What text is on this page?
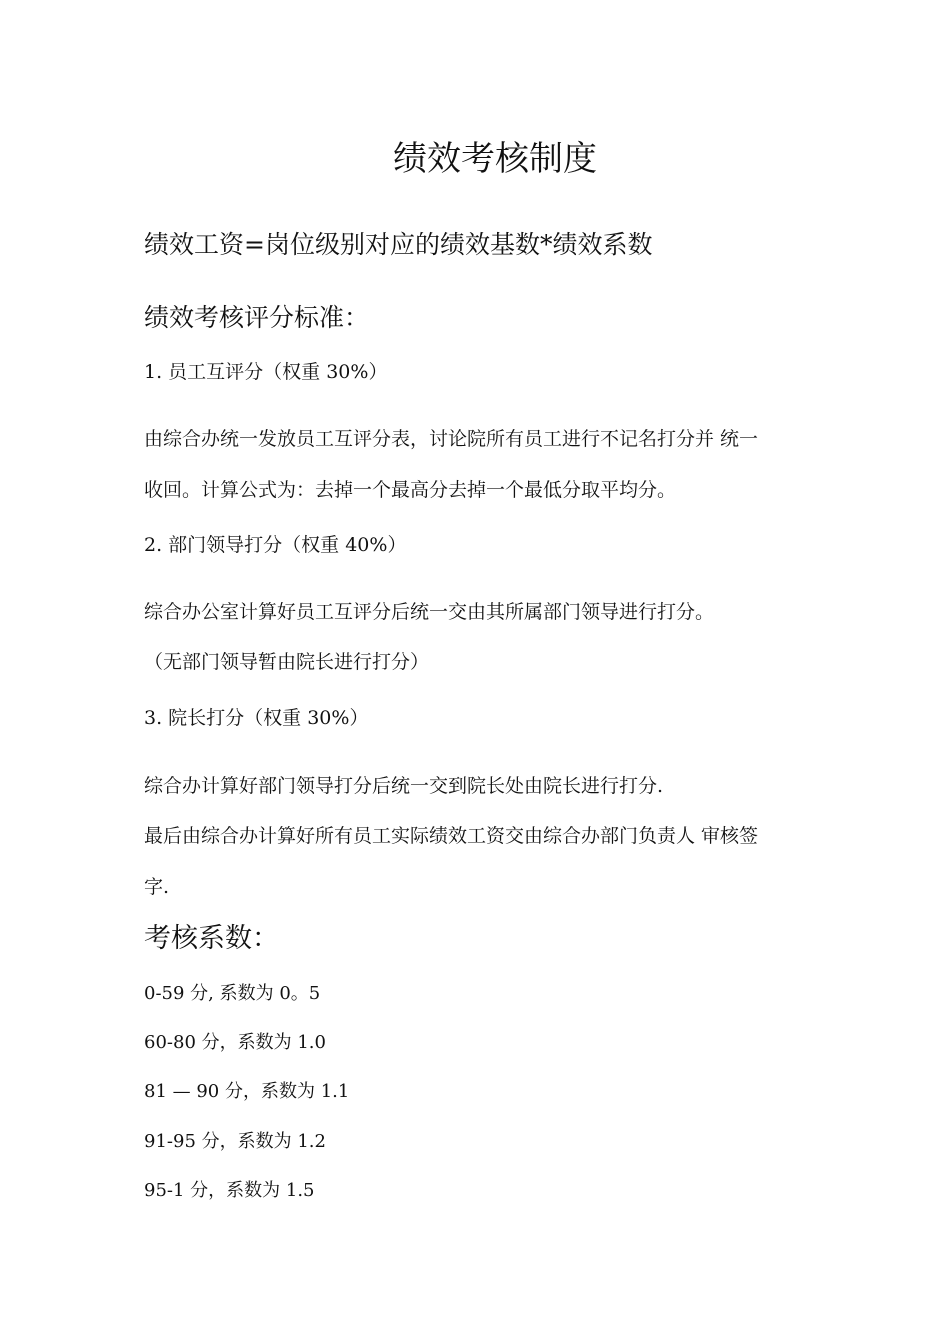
绩效考核制度

绩效工资=岗位级别对应的绩效基数*绩效系数

绩效考核评分标准：

1. 员工互评分（权重 30%）

由综合办统一发放员工互评分表，讨论院所有员工进行不记名打分并 统一

收回。计算公式为：去掉一个最高分去掉一个最低分取平均分。

2. 部门领导打分（权重 40%）

综合办公室计算好员工互评分后统一交由其所属部门领导进行打分。

（无部门领导暂由院长进行打分）

3. 院长打分（权重 30%）

综合办计算好部门领导打分后统一交到院长处由院长进行打分.

最后由综合办计算好所有员工实际绩效工资交由综合办部门负责人 审核签

字.

考核系数：

0-59 分, 系数为 0。5

60-80 分，系数为 1.0

81 — 90 分，系数为 1.1

91-95 分，系数为 1.2

95-1 分，系数为 1.5
